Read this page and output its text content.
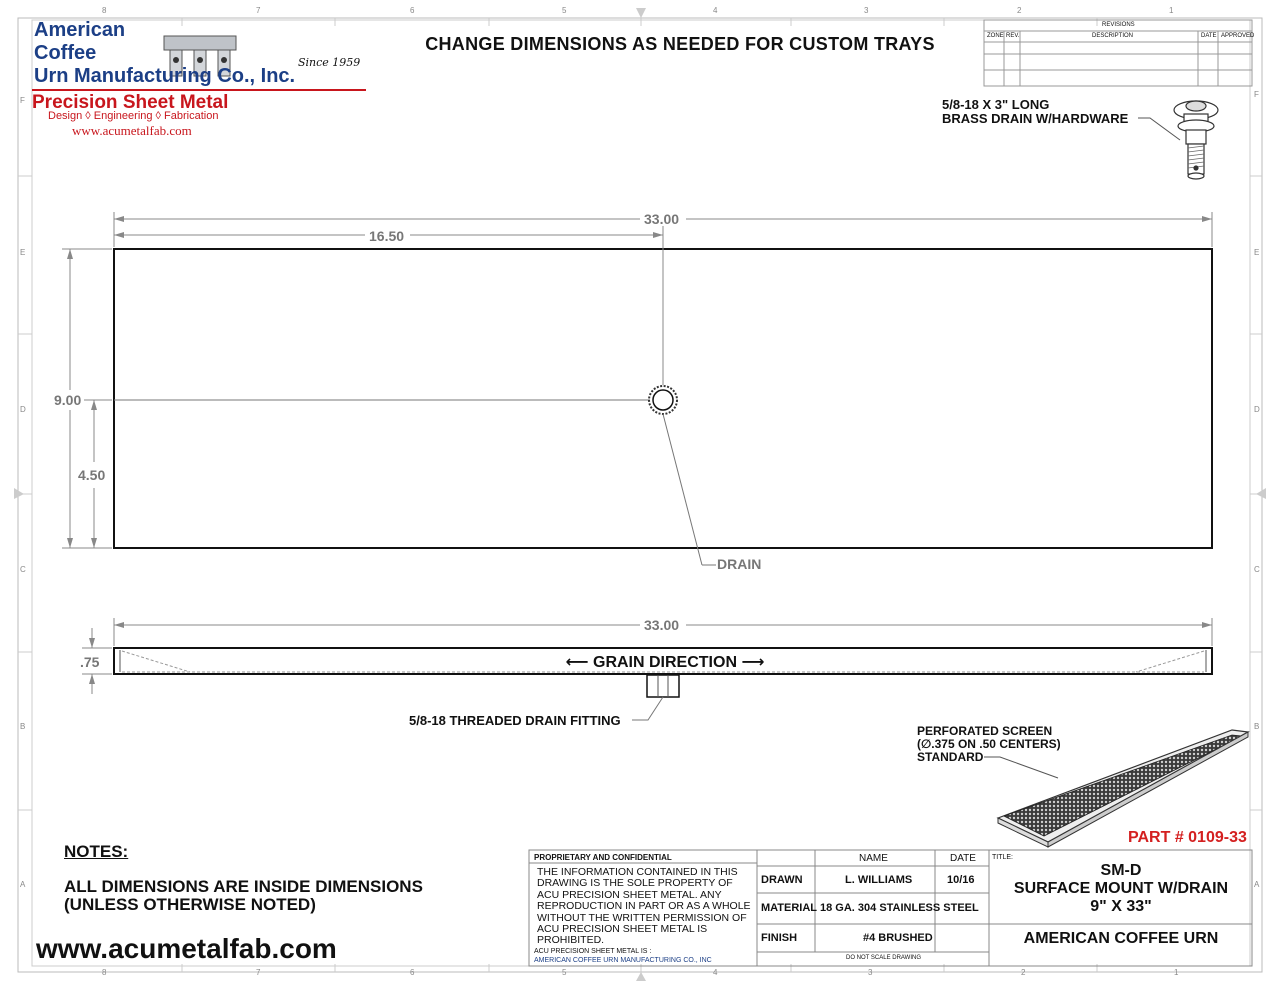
8	7	6	5	4	3	2	1
8	7	6	5	4	3	2	1
F
E
D
C
B
A
F
E
D
C
B
A
American
Coffee
Urn Manufacturing Co., Inc.
Since 1959
Precision Sheet Metal
Design ◊ Engineering ◊ Fabrication
www.acumetalfab.com
CHANGE DIMENSIONS AS NEEDED FOR CUSTOM TRAYS
REVISIONS
ZONE REV.	DESCRIPTION	DATE APPROVED
5/8-18 X 3" LONG
BRASS DRAIN W/HARDWARE
33.00
16.50
9.00
4.50
DRAIN
33.00
.75	⟵ GRAIN DIRECTION ⟶
5/8-18 THREADED DRAIN FITTING
PERFORATED SCREEN
(∅.375 ON .50 CENTERS)
STANDARD
PART # 0109-33
NOTES:
ALL DIMENSIONS ARE INSIDE DIMENSIONS
(UNLESS OTHERWISE NOTED)
www.acumetalfab.com
PROPRIETARY AND CONFIDENTIAL
THE INFORMATION CONTAINED IN THIS DRAWING IS THE SOLE PROPERTY OF ACU PRECISION SHEET METAL. ANY REPRODUCTION IN PART OR AS A WHOLE WITHOUT THE WRITTEN PERMISSION OF ACU PRECISION SHEET METAL IS PROHIBITED.
ACU PRECISION SHEET METAL IS :
AMERICAN COFFEE URN MANUFACTURING CO., INC
NAME	DATE
DRAWN	L. WILLIAMS	10/16
MATERIAL 18 GA. 304 STAINLESS STEEL
FINISH	#4 BRUSHED
DO NOT SCALE DRAWING
TITLE:
SM-D
SURFACE MOUNT W/DRAIN
9" X 33"
AMERICAN COFFEE URN
